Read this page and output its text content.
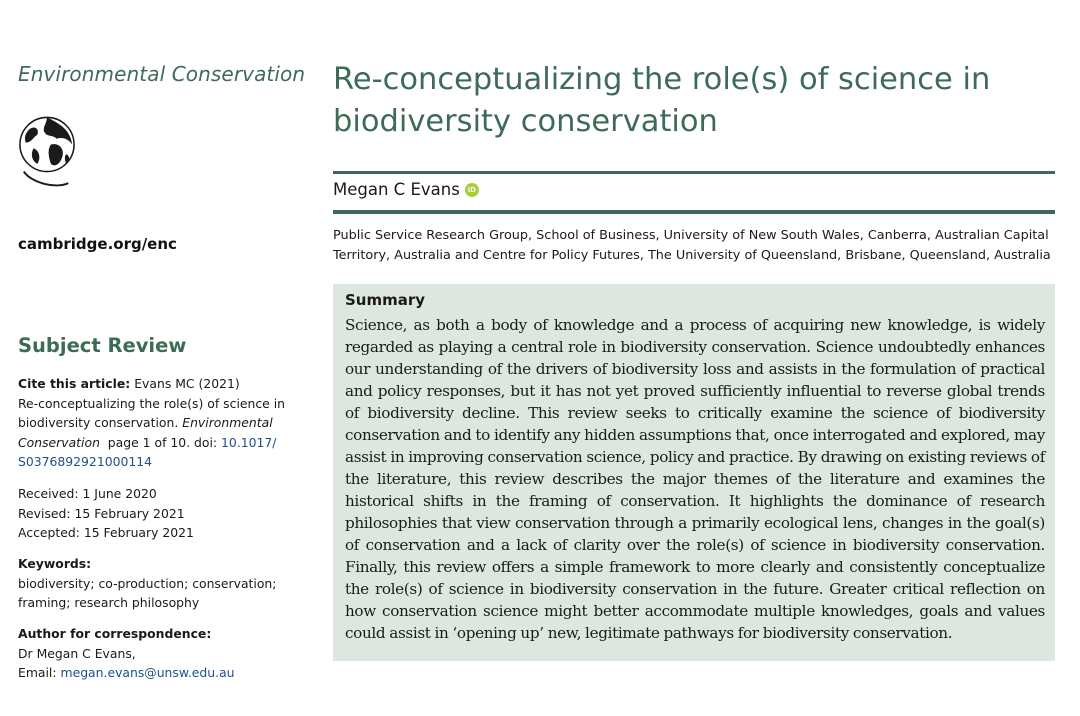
Environmental Conservation
cambridge.org/enc
Subject Review
Cite this article: Evans MC (2021)
Re-conceptualizing the role(s) of science in
biodiversity conservation. Environmental
Conservation  page 1 of 10. doi: 10.1017/
S0376892921000114
Received: 1 June 2020
Revised: 15 February 2021
Accepted: 15 February 2021
Keywords:
biodiversity; co-production; conservation;
framing; research philosophy
Author for correspondence:
Dr Megan C Evans,
Email: megan.evans@unsw.edu.au
Re-conceptualizing the role(s) of science in biodiversity conservation
Megan C Evans	iD
Public Service Research Group, School of Business, University of New South Wales, Canberra, Australian Capital Territory, Australia and Centre for Policy Futures, The University of Queensland, Brisbane, Queensland, Australia
Summary

Science, as both a body of knowledge and a process of acquiring new knowledge, is widely regarded as playing a central role in biodiversity conservation. Science undoubtedly enhances our understanding of the drivers of biodiversity loss and assists in the formulation of practical and policy responses, but it has not yet proved sufficiently influential to reverse global trends of biodiversity decline. This review seeks to critically examine the science of biodiversity conservation and to identify any hidden assumptions that, once interrogated and explored, may assist in improving conservation science, policy and practice. By drawing on existing reviews of the literature, this review describes the major themes of the literature and examines the historical shifts in the framing of conservation. It highlights the dominance of research philosophies that view conservation through a primarily ecological lens, changes in the goal(s) of conservation and a lack of clarity over the role(s) of science in biodiversity conservation. Finally, this review offers a simple framework to more clearly and consistently conceptualize the role(s) of science in biodiversity conservation in the future. Greater critical reflection on how conservation science might better accommodate multiple knowledges, goals and values could assist in ‘opening up’ new, legitimate pathways for biodiversity conservation.
